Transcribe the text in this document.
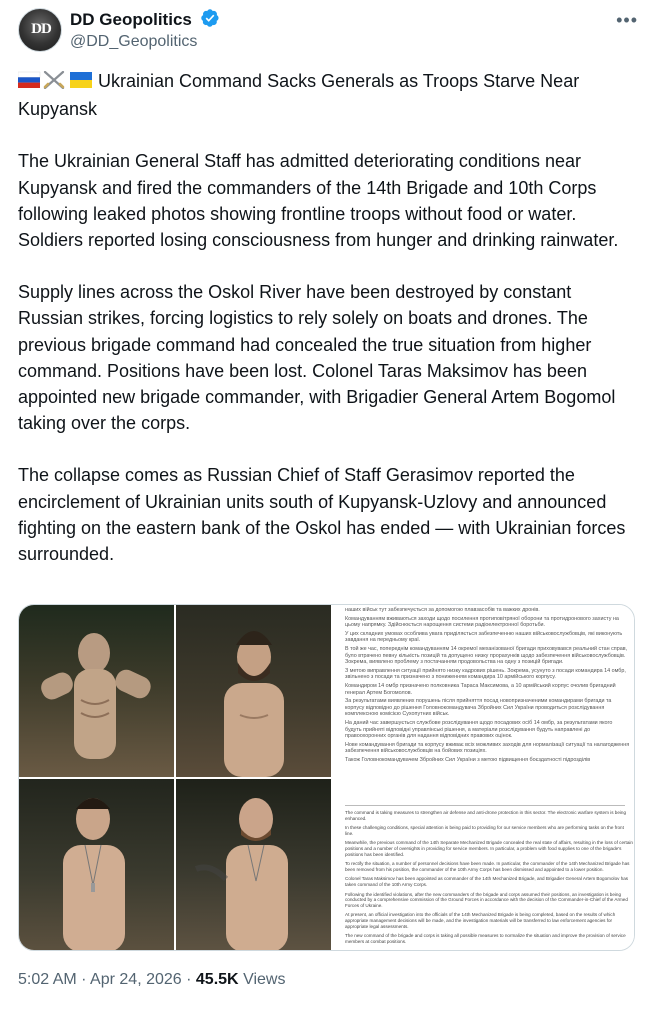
DD	DD Geopolitics
@DD_Geopolitics
•••

Ukrainian Command Sacks Generals as Troops Starve Near Kupyansk

The Ukrainian General Staff has admitted deteriorating conditions near Kupyansk and fired the commanders of the 14th Brigade and 10th Corps following leaked photos showing frontline troops without food or water. Soldiers reported losing consciousness from hunger and drinking rainwater.

Supply lines across the Oskol River have been destroyed by constant Russian strikes, forcing logistics to rely solely on boats and drones. The previous brigade command had concealed the true situation from higher command. Positions have been lost. Colonel Taras Maksimov has been appointed new brigade commander, with Brigadier General Artem Bogomol taking over the corps.

The collapse comes as Russian Chief of Staff Gerasimov reported the encirclement of Ukrainian units south of Kupyansk-Uzlovy and announced fighting on the eastern bank of the Oskol has ended — with Ukrainian forces surrounded.

наших військ тут забезпечується за допомогою плавзасобів та важких дронів.

Командуванням вживаються заходи щодо посилення протиповітряної оборони та протидронового захисту на цьому напрямку. Здійснюється нарощення системи радіоелектронної боротьби.

У цих складних умовах особлива увага приділяється забезпеченню наших військовослужбовців, які виконують завдання на передньому краї.

В той же час, попереднім командуванням 14 окремої механізованої бригади приховувався реальний стан справ, було втрачено певну кількість позицій та допущено низку прорахунків щодо забезпечення військовослужбовців. Зокрема, виявлено проблему з постачанням продовольства на одну з позицій бригади.

З метою виправлення ситуації прийнято низку кадрових рішень. Зокрема, усунуто з посади командира 14 омбр, звільнено з посади та призначено з пониженням командира 10 армійського корпусу.

Командиром 14 омбр призначено полковника Тараса Максимова, а 10 армійський корпус очолив бригадний генерал Артем Богомолов.

За результатами виявлених порушень після прийняття посад новопризначеними командирами бригади та корпусу відповідно до рішення Головнокомандувача Збройних Сил України проводиться розслідування комплексною комісією Сухопутних військ.

На даний час завершується службове розслідування щодо посадових осіб 14 омбр, за результатами якого будуть прийняті відповідні управлінські рішення, а матеріали розслідування будуть направлені до правоохоронних органів для надання відповідних правових оцінок.

Нове командування бригади та корпусу вживає всіх можливих заходів для нормалізації ситуації та налагодження забезпечення військовослужбовців на бойових позиціях.

Також Головнокомандувачем Збройних Сил України з метою підвищення боєздатності підрозділів

The command is taking measures to strengthen air defense and anti-drone protection in this sector. The electronic warfare system is being enhanced.

In these challenging conditions, special attention is being paid to providing for our service members who are performing tasks on the front line.

Meanwhile, the previous command of the 14th Separate Mechanized Brigade concealed the real state of affairs, resulting in the loss of certain positions and a number of oversights in providing for service members. In particular, a problem with food supplies to one of the brigade's positions has been identified.

To rectify the situation, a number of personnel decisions have been made. In particular, the commander of the 14th Mechanized Brigade has been removed from his position, the commander of the 10th Army Corps has been dismissed and appointed to a lower position.

Colonel Taras Maksimov has been appointed as commander of the 14th Mechanized Brigade, and Brigadier General Artem Bogomolov has taken command of the 10th Army Corps.

Following the identified violations, after the new commanders of the brigade and corps assumed their positions, an investigation is being conducted by a comprehensive commission of the Ground Forces in accordance with the decision of the Commander-in-Chief of the Armed Forces of Ukraine.

At present, an official investigation into the officials of the 14th Mechanized Brigade is being completed, based on the results of which appropriate management decisions will be made, and the investigation materials will be transferred to law enforcement agencies for appropriate legal assessments.

The new command of the brigade and corps is taking all possible measures to normalize the situation and improve the provision of service members at combat positions.

5:02 AM · Apr 24, 2026 · 45.5K Views
